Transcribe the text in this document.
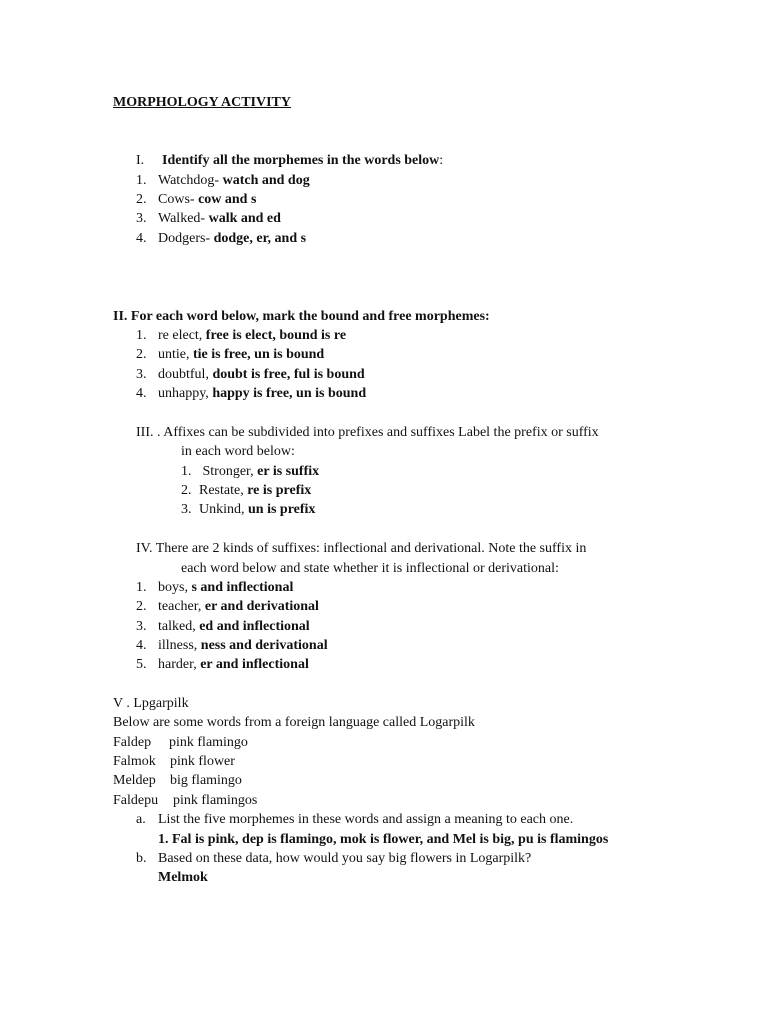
MORPHOLOGY ACTIVITY
I. Identify all the morphemes in the words below:
1. Watchdog- watch and dog
2. Cows- cow and s
3. Walked- walk and ed
4. Dodgers- dodge, er, and s
II. For each word below, mark the bound and free morphemes:
1. re elect, free is elect, bound is re
2. untie, tie is free, un is bound
3. doubtful, doubt is free, ful is bound
4. unhappy, happy is free, un is bound
III. . Affixes can be subdivided into prefixes and suffixes Label the prefix or suffix
in each word below:
1. Stronger, er is suffix
2. Restate, re is prefix
3. Unkind, un is prefix
IV. There are 2 kinds of suffixes: inflectional and derivational. Note the suffix in
each word below and state whether it is inflectional or derivational:
1. boys, s and inflectional
2. teacher, er and derivational
3. talked, ed and inflectional
4. illness, ness and derivational
5. harder, er and inflectional
V . Lpgarpilk
Below are some words from a foreign language called Logarpilk
Faldep pink flamingo
Falmok pink flower
Meldep big flamingo
Faldepu pink flamingos
a. List the five morphemes in these words and assign a meaning to each one.
1. Fal is pink, dep is flamingo, mok is flower, and Mel is big, pu is flamingos
b. Based on these data, how would you say big flowers in Logarpilk?
Melmok
